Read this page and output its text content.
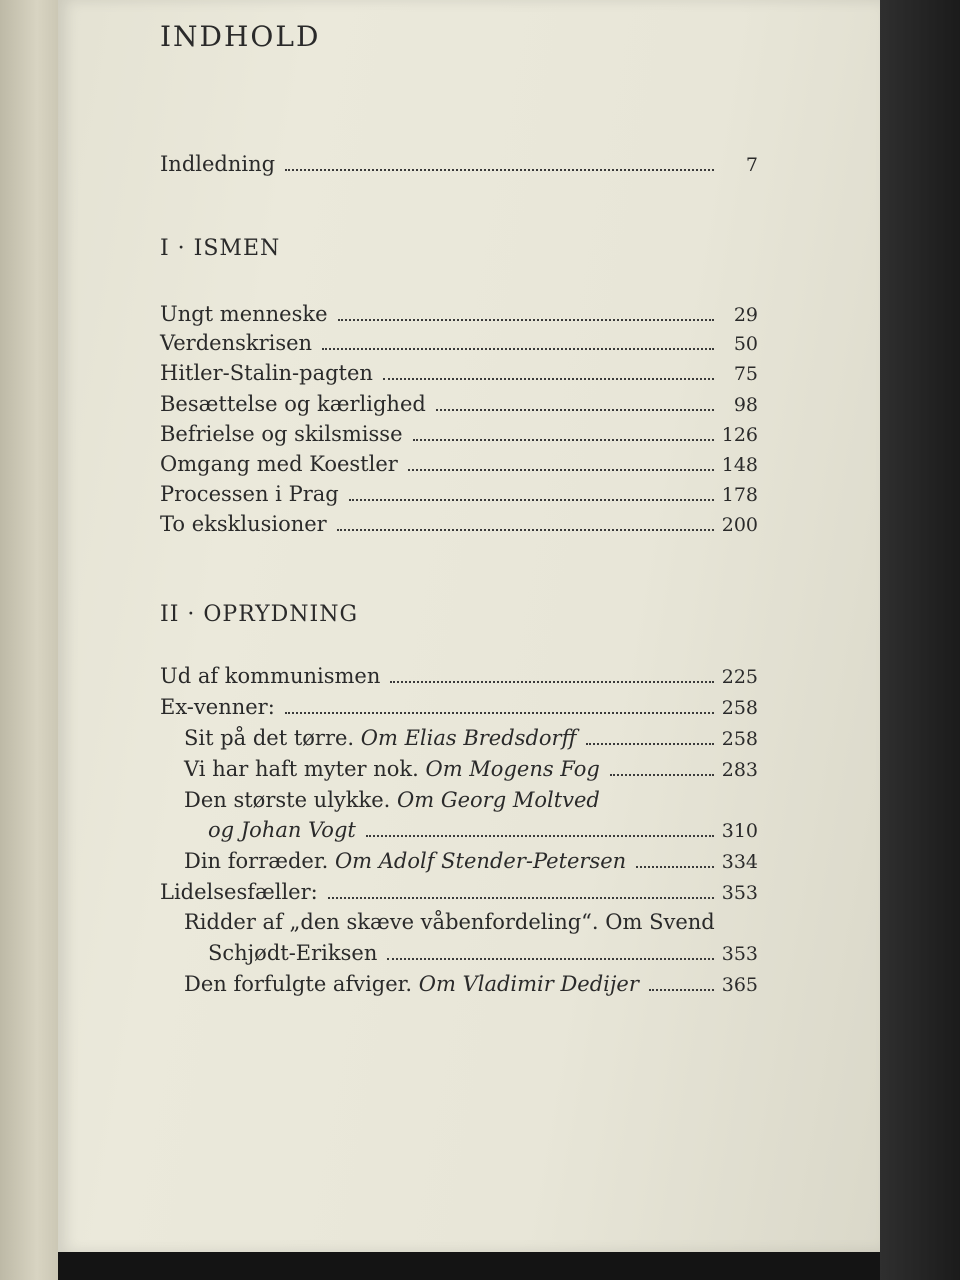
INDHOLD
Indledning	7
I · ISMEN
Ungt menneske	29
Verdenskrisen	50
Hitler-Stalin-pagten	75
Besættelse og kærlighed	98
Befrielse og skilsmisse	126
Omgang med Koestler	148
Processen i Prag	178
To eksklusioner	200
II · OPRYDNING
Ud af kommunismen	225
Ex-venner:	258
Sit på det tørre. Om Elias Bredsdorff	258
Vi har haft myter nok. Om Mogens Fog	283
Den største ulykke. Om Georg Moltved
og Johan Vogt	310
Din forræder. Om Adolf Stender-Petersen	334
Lidelsesfæller:	353
Ridder af „den skæve våbenfordeling“. Om Svend
Schjødt-Eriksen	353
Den forfulgte afviger. Om Vladimir Dedijer	365
